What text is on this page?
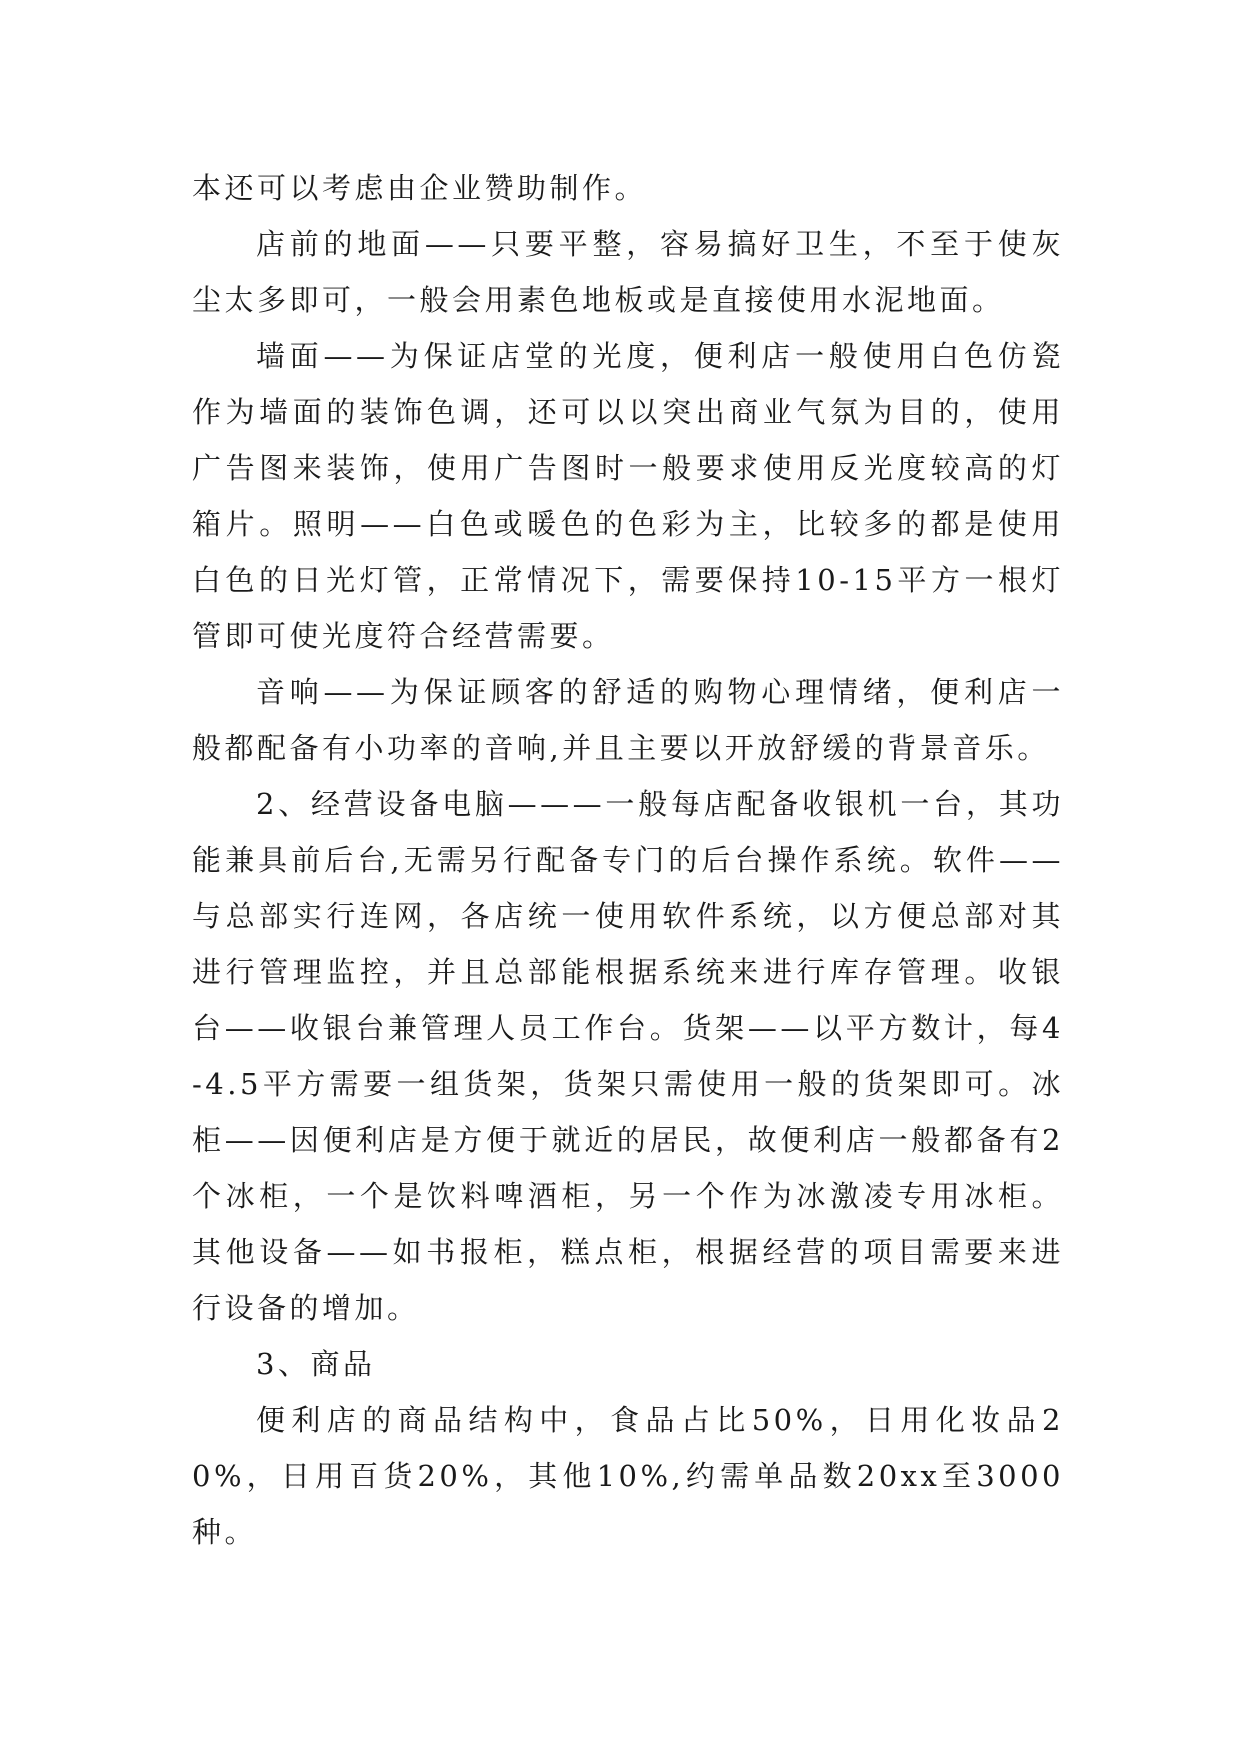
本还可以考虑由企业赞助制作。

店前的地面——只要平整，容易搞好卫生，不至于使灰尘太多即可，一般会用素色地板或是直接使用水泥地面。

墙面——为保证店堂的光度，便利店一般使用白色仿瓷作为墙面的装饰色调，还可以以突出商业气氛为目的，使用广告图来装饰，使用广告图时一般要求使用反光度较高的灯箱片。照明——白色或暖色的色彩为主，比较多的都是使用白色的日光灯管，正常情况下，需要保持10-15平方一根灯管即可使光度符合经营需要。

音响——为保证顾客的舒适的购物心理情绪，便利店一般都配备有小功率的音响,并且主要以开放舒缓的背景音乐。

2、经营设备电脑———一般每店配备收银机一台，其功能兼具前后台,无需另行配备专门的后台操作系统。软件——与总部实行连网，各店统一使用软件系统，以方便总部对其进行管理监控，并且总部能根据系统来进行库存管理。收银台——收银台兼管理人员工作台。货架——以平方数计，每4-4.5平方需要一组货架，货架只需使用一般的货架即可。冰柜——因便利店是方便于就近的居民，故便利店一般都备有2个冰柜，一个是饮料啤酒柜，另一个作为冰激凌专用冰柜。其他设备——如书报柜，糕点柜，根据经营的项目需要来进行设备的增加。

3、商品

便利店的商品结构中，食品占比50%，日用化妆品20%，日用百货20%，其他10%,约需单品数20xx至3000种。
